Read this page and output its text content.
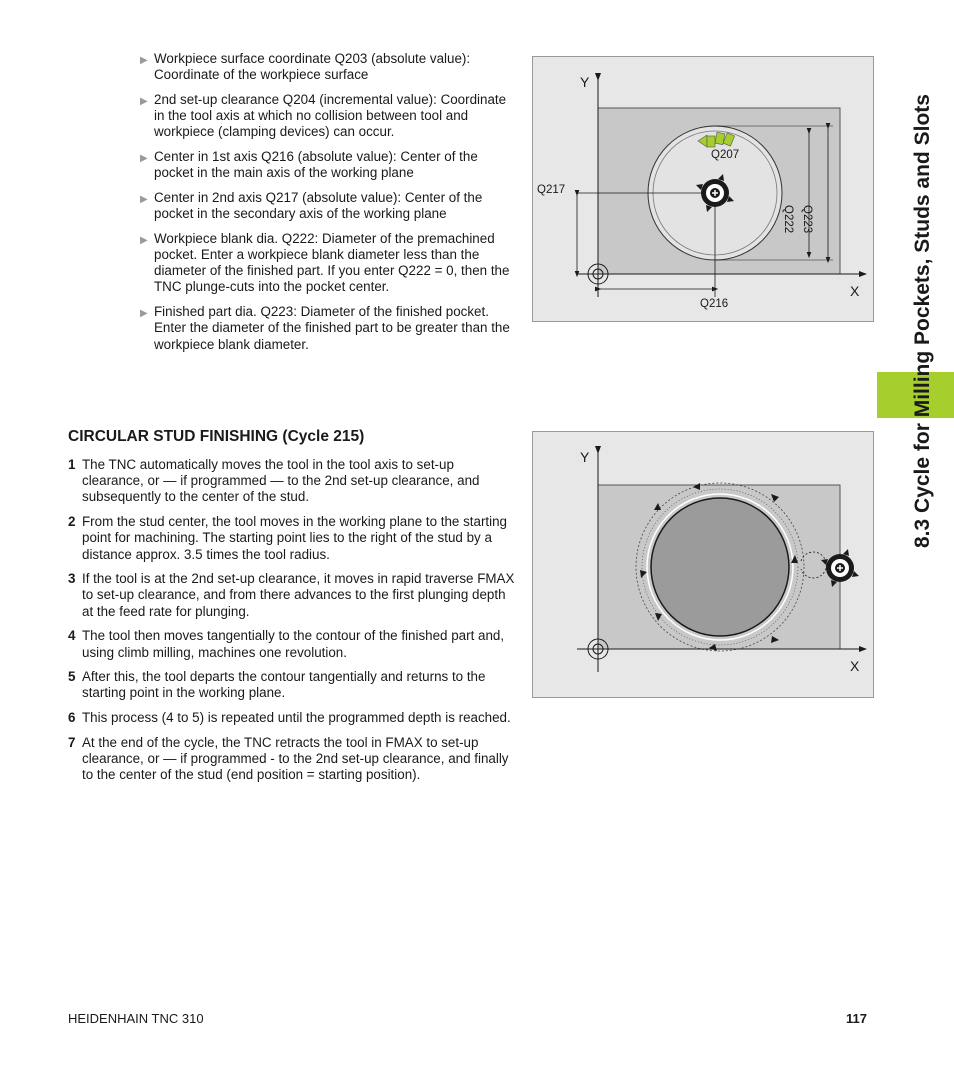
▶ Workpiece surface coordinate Q203 (absolute value): Coordinate of the workpiece surface
▶ 2nd set-up clearance Q204 (incremental value): Coordinate in the tool axis at which no collision between tool and workpiece (clamping devices) can occur.
▶ Center in 1st axis Q216 (absolute value): Center of the pocket in the main axis of the working plane
▶ Center in 2nd axis Q217 (absolute value): Center of the pocket in the secondary axis of the working plane
▶ Workpiece blank dia. Q222: Diameter of the premachined pocket. Enter a workpiece blank diameter less than the diameter of the finished part. If you enter Q222 = 0, then the TNC plunge-cuts into the pocket center.
▶ Finished part dia. Q223: Diameter of the finished pocket. Enter the diameter of the finished part to be greater than the workpiece blank diameter.
CIRCULAR STUD FINISHING (Cycle 215)
1 The TNC automatically moves the tool in the tool axis to set-up clearance, or — if programmed — to the 2nd set-up clearance, and subsequently to the center of the stud.
2 From the stud center, the tool moves in the working plane to the starting point for machining. The starting point lies to the right of the stud by a distance approx. 3.5 times the tool radius.
3 If the tool is at the 2nd set-up clearance, it moves in rapid traverse FMAX to set-up clearance, and from there advances to the first plunging depth at the feed rate for plunging.
4 The tool then moves tangentially to the contour of the finished part and, using climb milling, machines one revolution.
5 After this, the tool departs the contour tangentially and returns to the starting point in the working plane.
6 This process (4 to 5) is repeated until the programmed depth is reached.
7 At the end of the cycle, the TNC retracts the tool in FMAX to set-up clearance, or — if programmed - to the 2nd set-up clearance, and finally to the center of the stud (end position = starting position).
Y
X
Q207
Q217
Q216
Q222 Q223
Y
X
8.3 Cycle for Milling Pockets, Studs and Slots
HEIDENHAIN TNC 310	117
